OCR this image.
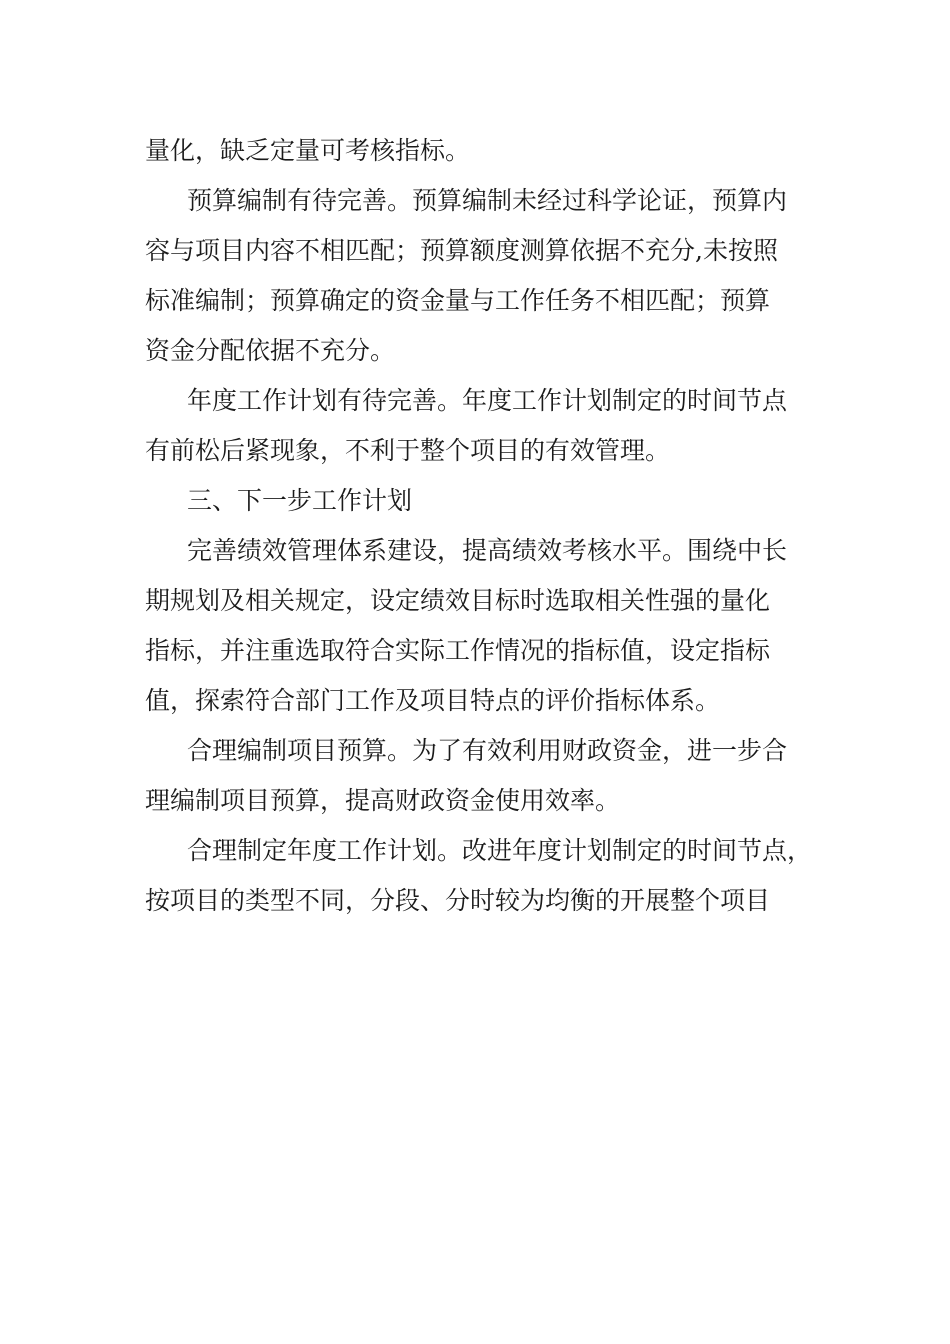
量化，缺乏定量可考核指标。
预算编制有待完善。预算编制未经过科学论证，预算内
容与项目内容不相匹配；预算额度测算依据不充分,未按照
标准编制；预算确定的资金量与工作任务不相匹配；预算
资金分配依据不充分。
年度工作计划有待完善。年度工作计划制定的时间节点
有前松后紧现象，不利于整个项目的有效管理。
三、下一步工作计划
完善绩效管理体系建设，提高绩效考核水平。围绕中长
期规划及相关规定，设定绩效目标时选取相关性强的量化
指标，并注重选取符合实际工作情况的指标值，设定指标
值，探索符合部门工作及项目特点的评价指标体系。
合理编制项目预算。为了有效利用财政资金，进一步合
理编制项目预算，提高财政资金使用效率。
合理制定年度工作计划。改进年度计划制定的时间节点，
按项目的类型不同，分段、分时较为均衡的开展整个项目
